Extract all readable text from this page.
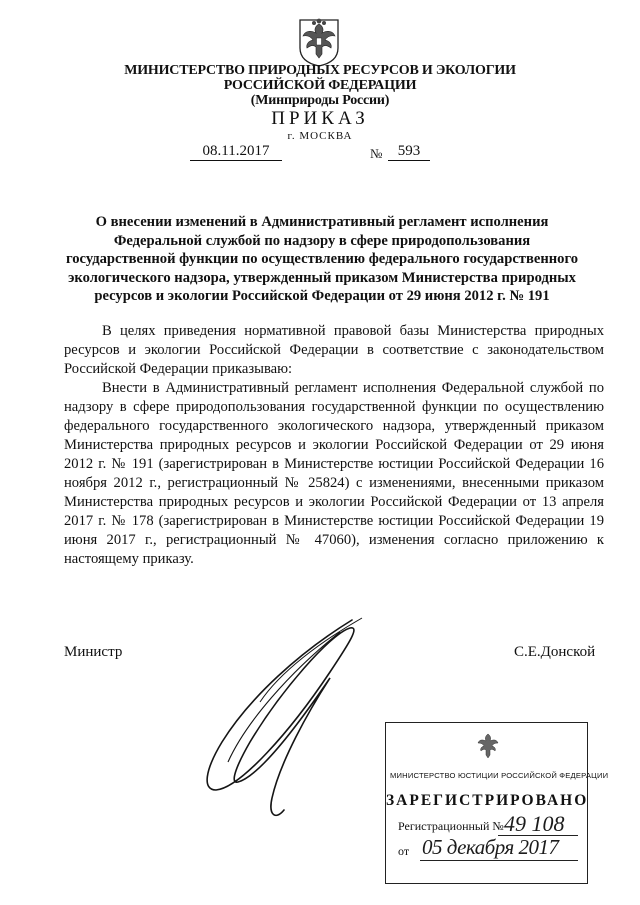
МИНИСТЕРСТВО ПРИРОДНЫХ РЕСУРСОВ И ЭКОЛОГИИ
РОССИЙСКОЙ ФЕДЕРАЦИИ
(Минприроды России)
ПРИКАЗ
г. МОСКВА
08.11.2017	№	593
О внесении изменений в Административный регламент исполнения Федеральной службой по надзору в сфере природопользования государственной функции по осуществлению федерального государственного экологического надзора, утвержденный приказом Министерства природных ресурсов и экологии Российской Федерации от 29 июня 2012 г. № 191
В целях приведения нормативной правовой базы Министерства природных ресурсов и экологии Российской Федерации в соответствие с законодательством Российской Федерации приказываю:
Внести в Административный регламент исполнения Федеральной службой по надзору в сфере природопользования государственной функции по осуществлению федерального государственного экологического надзора, утвержденный приказом Министерства природных ресурсов и экологии Российской Федерации от 29 июня 2012 г. № 191 (зарегистрирован в Министерстве юстиции Российской Федерации 16 ноября 2012 г., регистрационный № 25824) с изменениями, внесенными приказом Министерства природных ресурсов и экологии Российской Федерации от 13 апреля 2017 г. № 178 (зарегистрирован в Министерстве юстиции Российской Федерации 19 июня 2017 г., регистрационный № 47060), изменения согласно приложению к настоящему приказу.
Министр	С.Е.Донской
МИНИСТЕРСТВО ЮСТИЦИИ РОССИЙСКОЙ ФЕДЕРАЦИИ
ЗАРЕГИСТРИРОВАНО
Регистрационный № 49 108
от 05 декабря 2017
